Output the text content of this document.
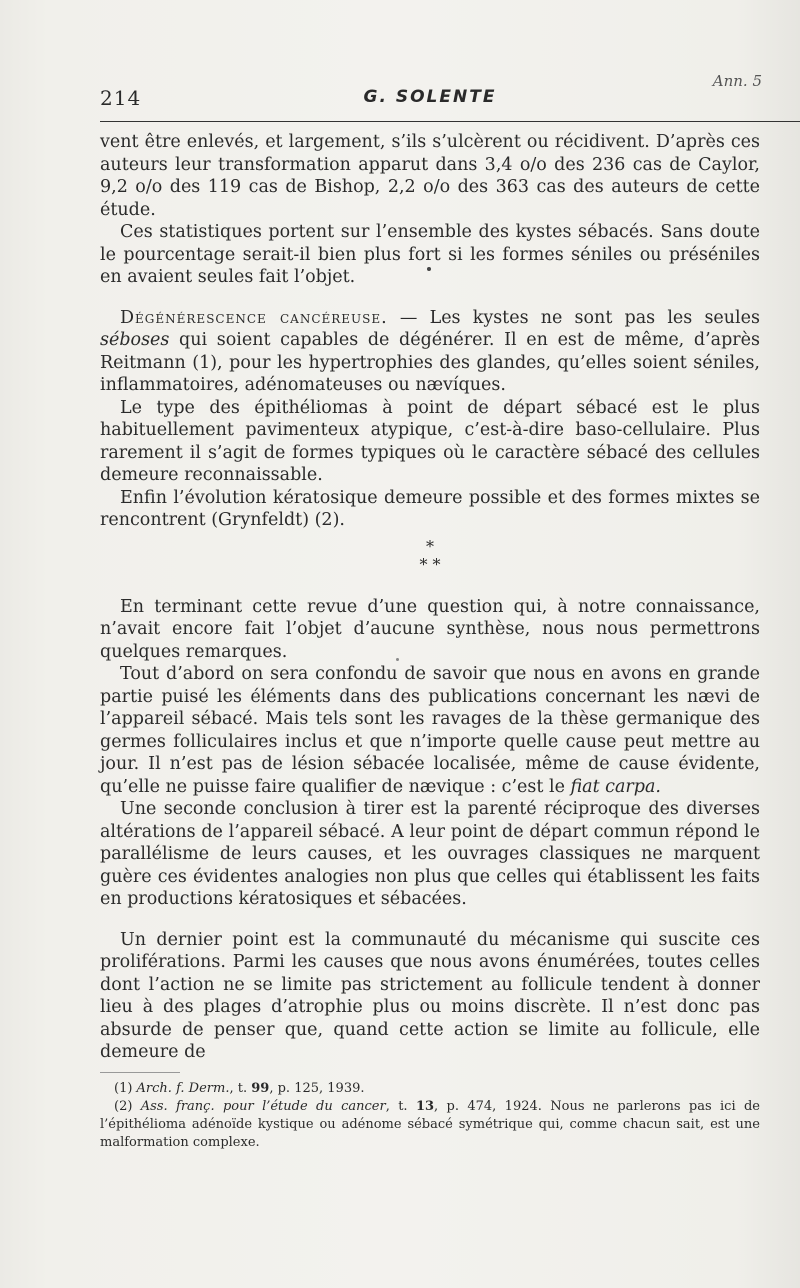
214	G. SOLENTE
Ann. 5

vent être enlevés, et largement, s’ils s’ulcèrent ou récidivent. D’après ces auteurs leur transformation apparut dans 3,4 o/o des 236 cas de Caylor, 9,2 o/o des 119 cas de Bishop, 2,2 o/o des 363 cas des auteurs de cette étude.

Ces statistiques portent sur l’ensemble des kystes sébacés. Sans doute le pourcentage serait-il bien plus fort si les formes séniles ou préséniles en avaient seules fait l’objet.

Dégénérescence cancéreuse. — Les kystes ne sont pas les seules séboses qui soient capables de dégénérer. Il en est de même, d’après Reitmann (1), pour les hypertrophies des glandes, qu’elles soient séniles, inflammatoires, adénomateuses ou nævíques.

Le type des épithéliomas à point de départ sébacé est le plus habituellement pavimenteux atypique, c’est-à-dire baso-cellulaire. Plus rarement il s’agit de formes typiques où le caractère sébacé des cellules demeure reconnaissable.

Enfin l’évolution kératosique demeure possible et des formes mixtes se rencontrent (Grynfeldt) (2).

*
* *

En terminant cette revue d’une question qui, à notre connaissance, n’avait encore fait l’objet d’aucune synthèse, nous nous permettrons quelques remarques.

Tout d’abord on sera confondu de savoir que nous en avons en grande partie puisé les éléments dans des publications concernant les nævi de l’appareil sébacé. Mais tels sont les ravages de la thèse germanique des germes folliculaires inclus et que n’importe quelle cause peut mettre au jour. Il n’est pas de lésion sébacée localisée, même de cause évidente, qu’elle ne puisse faire qualifier de nævique : c’est le fiat carpa.

Une seconde conclusion à tirer est la parenté réciproque des diverses altérations de l’appareil sébacé. A leur point de départ commun répond le parallélisme de leurs causes, et les ouvrages classiques ne marquent guère ces évidentes analogies non plus que celles qui établissent les faits en productions kératosiques et sébacées.

Un dernier point est la communauté du mécanisme qui suscite ces proliférations. Parmi les causes que nous avons énumérées, toutes celles dont l’action ne se limite pas strictement au follicule tendent à donner lieu à des plages d’atrophie plus ou moins discrète. Il n’est donc pas absurde de penser que, quand cette action se limite au follicule, elle demeure de

(1) Arch. f. Derm., t. 99, p. 125, 1939.

(2) Ass. franç. pour l’étude du cancer, t. 13, p. 474, 1924. Nous ne parlerons pas ici de l’épithélioma adénoïde kystique ou adénome sébacé symétrique qui, comme chacun sait, est une malformation complexe.
